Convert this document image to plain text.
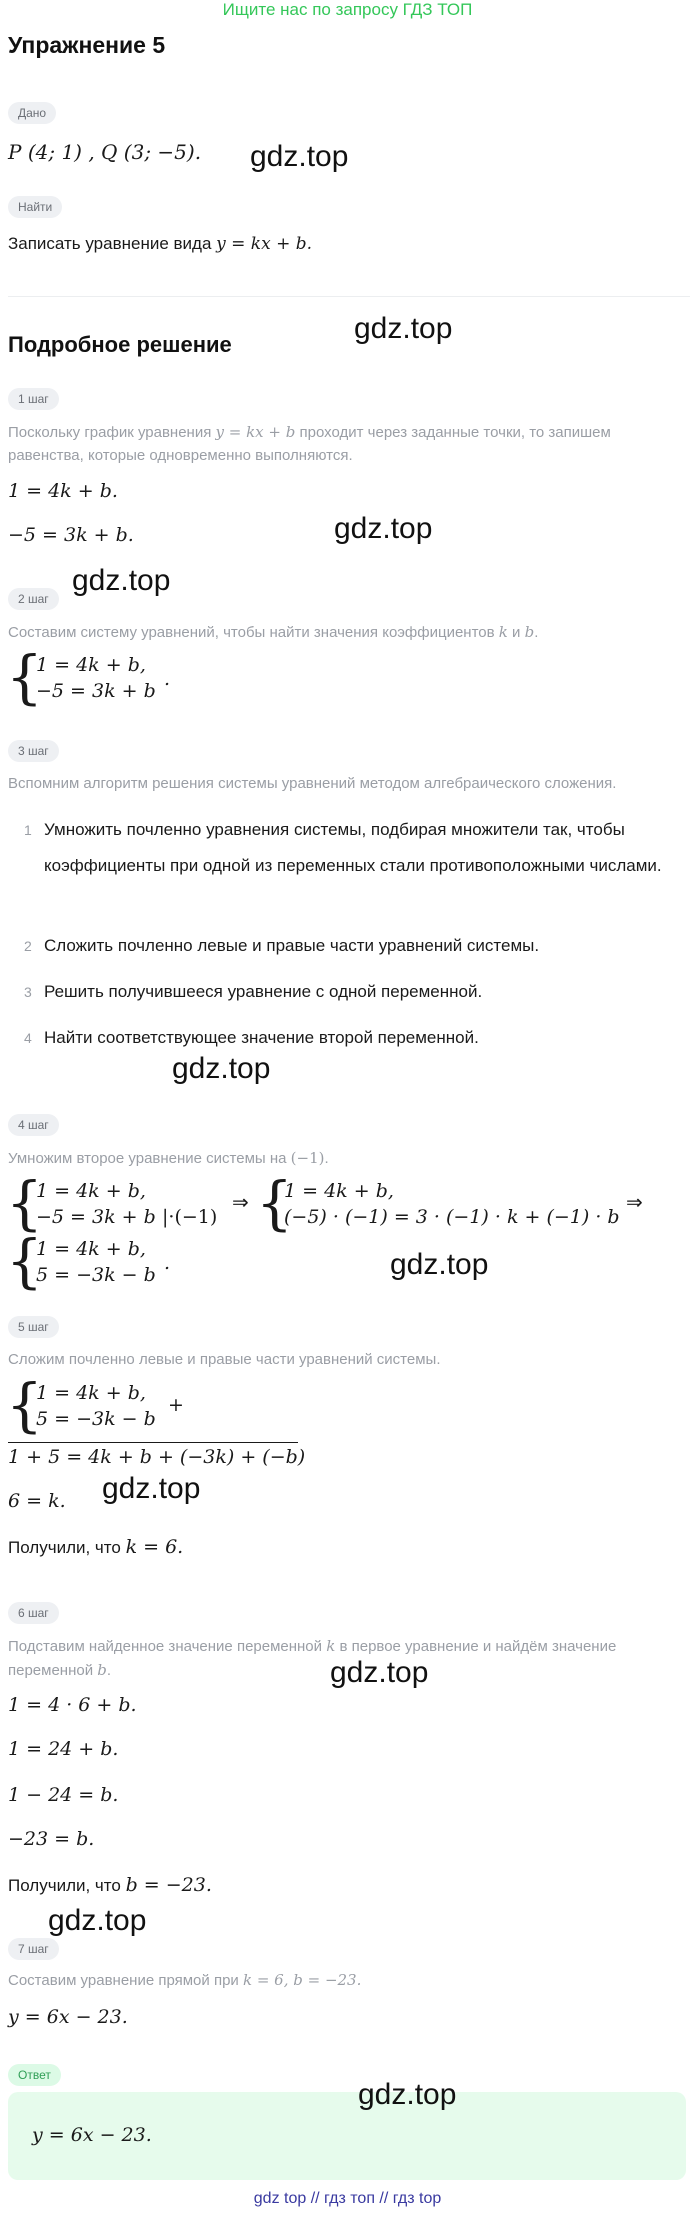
Ищите нас по запросу ГДЗ ТОП
Упражнение 5
Дано
P (4; 1) , Q (3; −5).
Найти
Записать уравнение вида y = kx + b.
Подробное решение
1 шаг
Поскольку график уравнения y = kx + b проходит через заданные точки, то запишем
равенства, которые одновременно выполняются.
1 = 4k + b.
−5 = 3k + b.
2 шаг
Составим систему уравнений, чтобы найти значения коэффициентов k и b.
{
1 = 4k + b,
−5 = 3k + b
.
3 шаг
Вспомним алгоритм решения системы уравнений методом алгебраического сложения.
1 Умножить почленно уравнения системы, подбирая множители так, чтобы коэффициенты при одной из переменных стали противоположными числами.
2 Сложить почленно левые и правые части уравнений системы.
3 Решить получившееся уравнение с одной переменной.
4 Найти соответствующее значение второй переменной.
4 шаг
Умножим второе уравнение системы на (−1).
{
1 = 4k + b,
−5 = 3k + b |·(−1)
⇒ {
1 = 4k + b,
(−5) · (−1) = 3 · (−1) · k + (−1) · b
⇒
{
1 = 4k + b,
5 = −3k − b
.
5 шаг
Сложим почленно левые и правые части уравнений системы.
{
1 = 4k + b,
5 = −3k − b
+
1 + 5 = 4k + b + (−3k) + (−b)
6 = k.
Получили, что k = 6.
6 шаг
Подставим найденное значение переменной k в первое уравнение и найдём значение
переменной b.
1 = 4 · 6 + b.
1 = 24 + b.
1 − 24 = b.
−23 = b.
Получили, что b = −23.
7 шаг
Составим уравнение прямой при k = 6, b = −23.
y = 6x − 23.
Ответ
y = 6x − 23.
gdz.top
gdz.top
gdz.top
gdz.top
gdz.top
gdz.top
gdz.top
gdz.top
gdz.top
gdz.top
gdz top // гдз топ // гдз top
